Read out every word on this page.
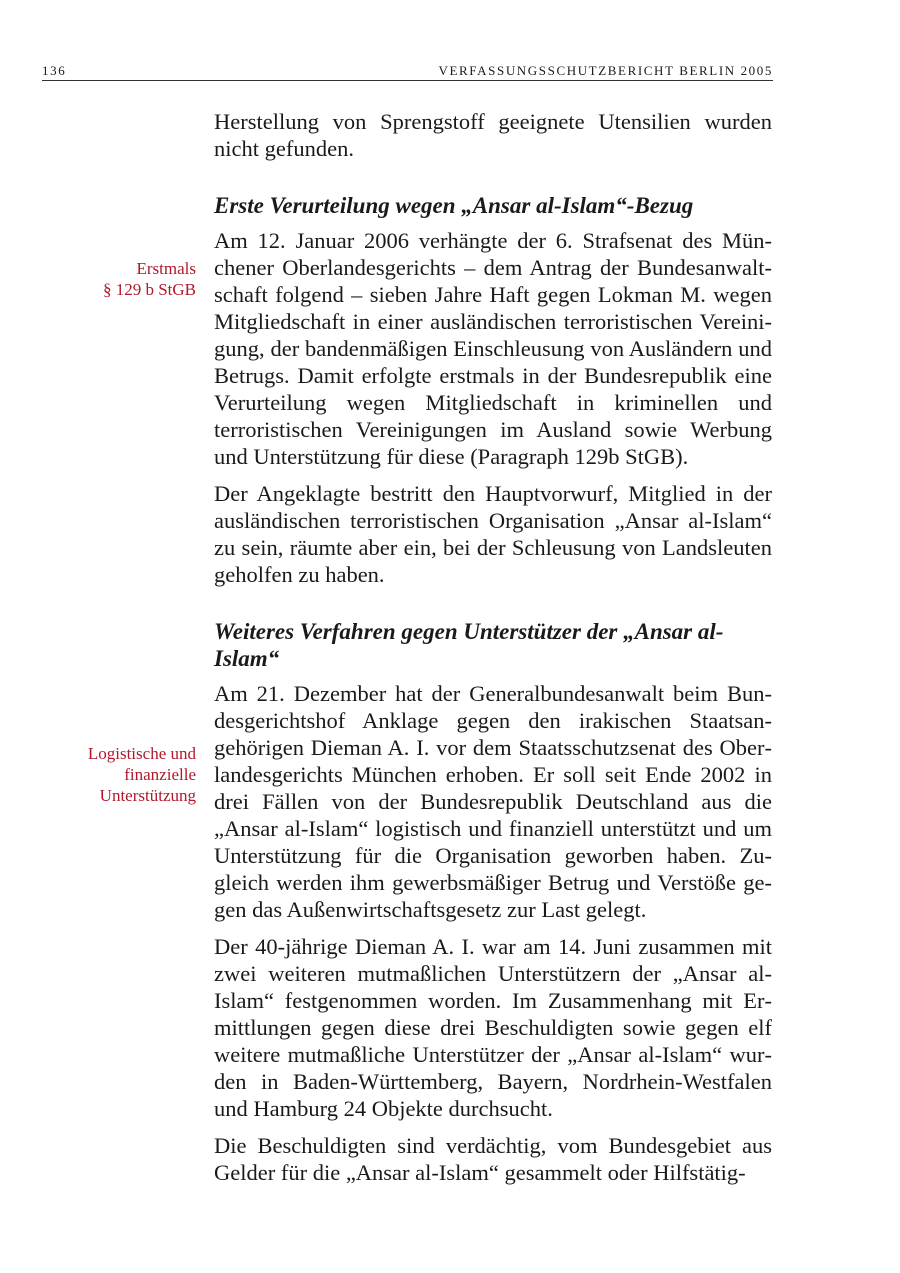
136	VERFASSUNGSSCHUTZBERICHT BERLIN 2005
Erstmals
§ 129 b StGB
Logistische und
finanzielle
Unterstützung

Herstellung von Sprengstoff geeignete Utensilien wurden nicht gefunden.

Erste Verurteilung wegen „Ansar al-Islam“-Bezug

Am 12. Januar 2006 verhängte der 6. Strafsenat des Münchener Oberlandesgerichts – dem Antrag der Bundesanwaltschaft folgend – sieben Jahre Haft gegen Lokman M. wegen Mitgliedschaft in einer ausländischen terroristischen Vereinigung, der bandenmäßigen Einschleusung von Ausländern und Betrugs. Damit erfolgte erstmals in der Bundesrepublik eine Verurteilung wegen Mitgliedschaft in kriminellen und terroristischen Vereinigungen im Ausland sowie Werbung und Unterstützung für diese (Paragraph 129b StGB).

Der Angeklagte bestritt den Hauptvorwurf, Mitglied in der ausländischen terroristischen Organisation „Ansar al-Islam“ zu sein, räumte aber ein, bei der Schleusung von Landsleuten geholfen zu haben.

Weiteres Verfahren gegen Unterstützer der „Ansar al-Islam“

Am 21. Dezember hat der Generalbundesanwalt beim Bundesgerichtshof Anklage gegen den irakischen Staatsangehörigen Dieman A. I. vor dem Staatsschutzsenat des Oberlandesgerichts München erhoben. Er soll seit Ende 2002 in drei Fällen von der Bundesrepublik Deutschland aus die „Ansar al-Islam“ logistisch und finanziell unterstützt und um Unterstützung für die Organisation geworben haben. Zugleich werden ihm gewerbsmäßiger Betrug und Verstöße gegen das Außenwirtschaftsgesetz zur Last gelegt.

Der 40-jährige Dieman A. I. war am 14. Juni zusammen mit zwei weiteren mutmaßlichen Unterstützern der „Ansar al-Islam“ festgenommen worden. Im Zusammenhang mit Ermittlungen gegen diese drei Beschuldigten sowie gegen elf weitere mutmaßliche Unterstützer der „Ansar al-Islam“ wurden in Baden-Württemberg, Bayern, Nordrhein-Westfalen und Hamburg 24 Objekte durchsucht.

Die Beschuldigten sind verdächtig, vom Bundesgebiet aus Gelder für die „Ansar al-Islam“ gesammelt oder Hilfstätig-
